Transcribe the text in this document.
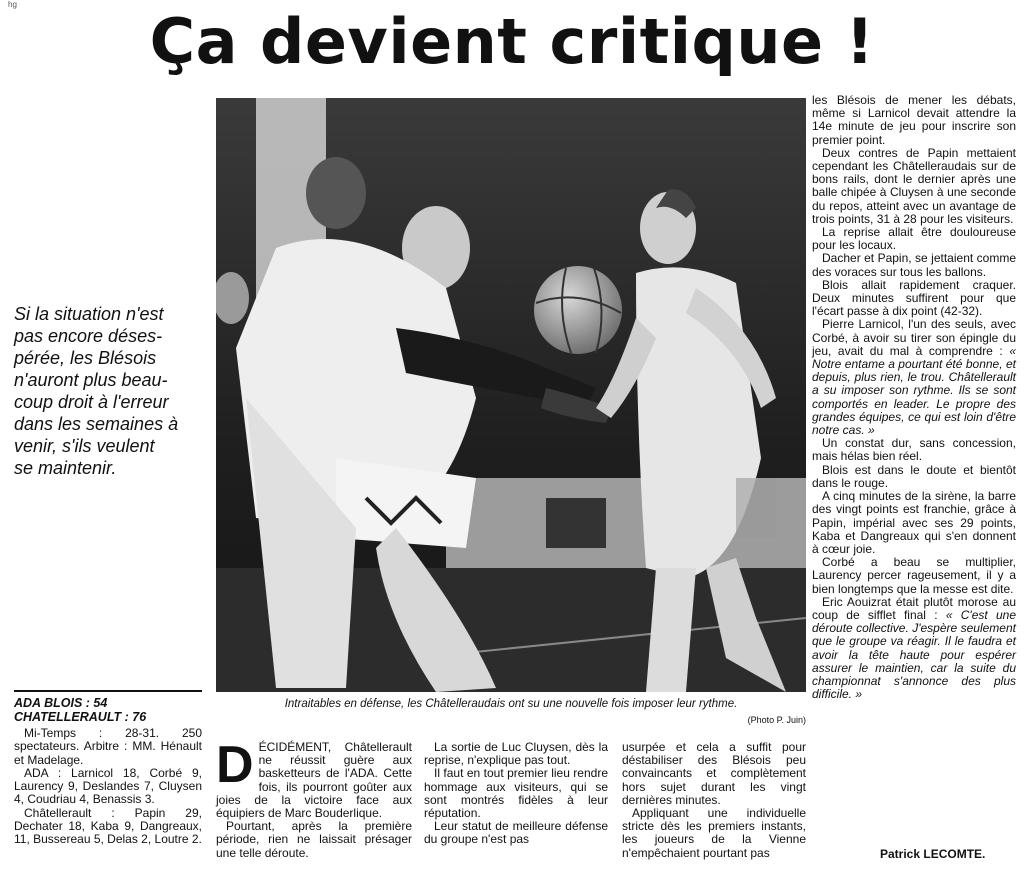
hg
Ça devient critique !
Si la situation n'est
pas encore déses-
pérée, les Blésois
n'auront plus beau-
coup droit à l'erreur
dans les semaines à
venir, s'ils veulent
se maintenir.
Intraitables en défense, les Châtelleraudais ont su une nouvelle fois imposer leur rythme.
(Photo P. Juin)

les Blésois de mener les débats, même si Larnicol devait attendre la 14e minute de jeu pour inscrire son premier point.

Deux contres de Papin mettaient cependant les Châtelleraudais sur de bons rails, dont le dernier après une balle chipée à Cluysen à une seconde du repos, atteint avec un avantage de trois points, 31 à 28 pour les visiteurs.

La reprise allait être douloureuse pour les locaux.

Dacher et Papin, se jettaient comme des voraces sur tous les ballons.

Blois allait rapidement craquer. Deux minutes suffirent pour que l'écart passe à dix point (42-32).

Pierre Larnicol, l'un des seuls, avec Corbé, à avoir su tirer son épingle du jeu, avait du mal à comprendre : « Notre entame a pourtant été bonne, et depuis, plus rien, le trou. Châtellerault a su imposer son rythme. Ils se sont comportés en leader. Le propre des grandes équipes, ce qui est loin d'être notre cas. »

Un constat dur, sans concession, mais hélas bien réel.

Blois est dans le doute et bientôt dans le rouge.

A cinq minutes de la sirène, la barre des vingt points est franchie, grâce à Papin, impérial avec ses 29 points, Kaba et Dangreaux qui s'en donnent à cœur joie.

Corbé a beau se multiplier, Laurency percer rageusement, il y a bien longtemps que la messe est dite.

Eric Aouizrat était plutôt morose au coup de sifflet final : « C'est une déroute collective. J'espère seulement que le groupe va réagir. Il le faudra et avoir la tête haute pour espérer assurer le maintien, car la suite du championnat s'annonce des plus difficile. »

Patrick LECOMTE.
ADA BLOIS : 54
CHATELLERAULT : 76

Mi-Temps : 28-31. 250 spectateurs. Arbitre : MM. Hénault et Madelage.

ADA : Larnicol 18, Corbé 9, Laurency 9, Deslandes 7, Cluysen 4, Coudriau 4, Benassis 3.

Châtellerault : Papin 29, Dechater 18, Kaba 9, Dangreaux, 11, Bussereau 5, Delas 2, Loutre 2.

DÉCIDÉMENT, Châtellerault ne réussit guère aux basketteurs de l'ADA. Cette fois, ils pourront goûter aux joies de la victoire face aux équipiers de Marc Bouderlique.

Pourtant, après la première période, rien ne laissait présager une telle déroute.

La sortie de Luc Cluysen, dès la reprise, n'explique pas tout.

Il faut en tout premier lieu rendre hommage aux visiteurs, qui se sont montrés fidèles à leur réputation.

Leur statut de meilleure défense du groupe n'est pas

usurpée et cela a suffit pour déstabiliser des Blésois peu convaincants et complètement hors sujet durant les vingt dernières minutes.

Appliquant une individuelle stricte dès les premiers instants, les joueurs de la Vienne n'empêchaient pourtant pas
